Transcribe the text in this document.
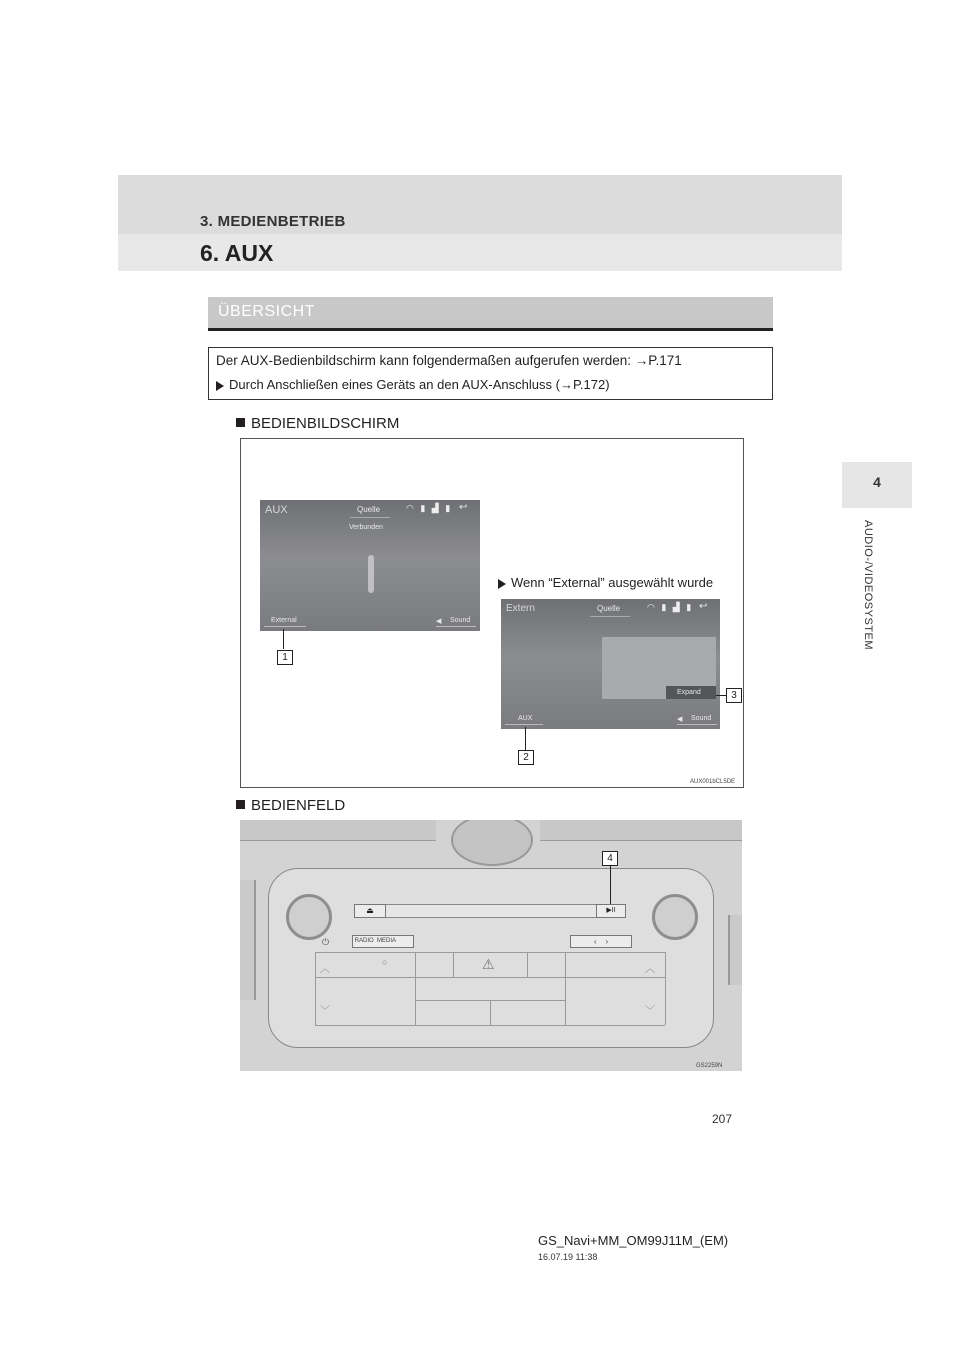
3. MEDIENBETRIEB
6. AUX
4
AUDIO-/VIDEOSYSTEM
ÜBERSICHT
Der AUX-Bedienbildschirm kann folgendermaßen aufgerufen werden: →P.171
Durch Anschließen eines Geräts an den AUX-Anschluss (→P.172)
BEDIENBILDSCHIRM
AUX	Quelle	◠ ▮ ▟ ▮ ↩
Verbunden
External	◀ Sound
1
Wenn “External” ausgewählt wurde
Extern	Quelle	◠ ▮ ▟ ▮ ↩
Expand
AUX	◀ Sound
3
2
AUX001bCL5DE
BEDIENFELD
⏏	▶II
4
⏻	RADIO MEDIA	‹    ›
⚠
○
︿
﹀
︿
﹀
GS2259N
207
GS_Navi+MM_OM99J11M_(EM)
16.07.19 11:38
